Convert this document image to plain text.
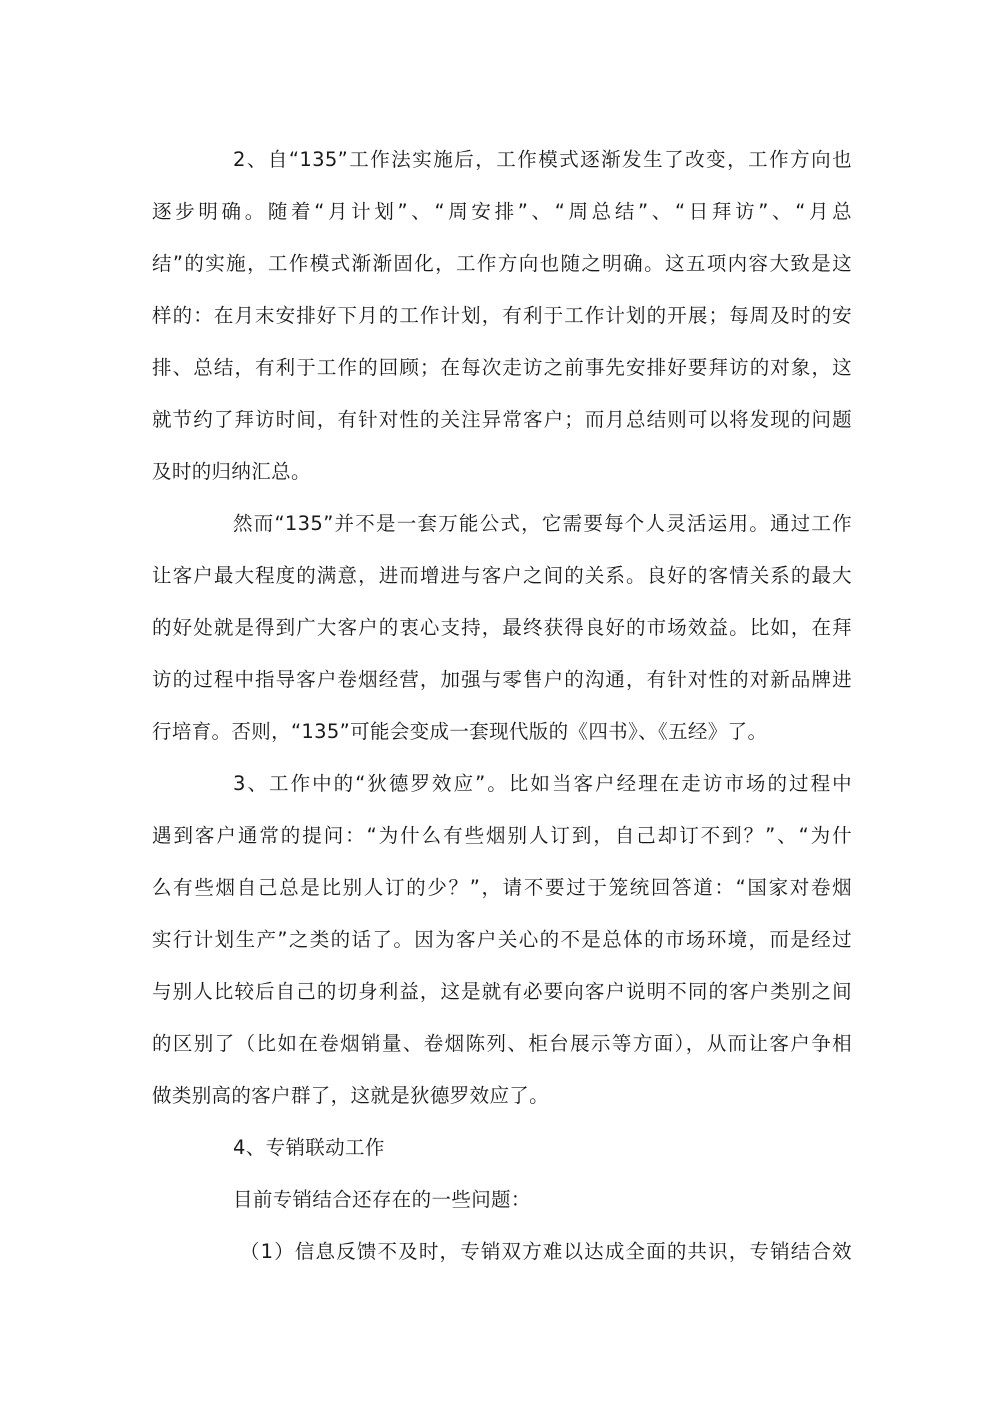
2、自“135”工作法实施后，工作模式逐渐发生了改变，工作方向也
逐步明确。随着“月计划”、“周安排”、“周总结”、“日拜访”、“月总
结”的实施，工作模式渐渐固化，工作方向也随之明确。这五项内容大致是这
样的：在月末安排好下月的工作计划，有利于工作计划的开展；每周及时的安
排、总结，有利于工作的回顾；在每次走访之前事先安排好要拜访的对象，这
就节约了拜访时间，有针对性的关注异常客户；而月总结则可以将发现的问题
及时的归纳汇总。
然而“135”并不是一套万能公式，它需要每个人灵活运用。通过工作
让客户最大程度的满意，进而增进与客户之间的关系。良好的客情关系的最大
的好处就是得到广大客户的衷心支持，最终获得良好的市场效益。比如，在拜
访的过程中指导客户卷烟经营，加强与零售户的沟通，有针对性的对新品牌进
行培育。否则，“135”可能会变成一套现代版的《四书》、《五经》了。
3、工作中的“狄德罗效应”。比如当客户经理在走访市场的过程中
遇到客户通常的提问：“为什么有些烟别人订到，自己却订不到？”、“为什
么有些烟自己总是比别人订的少？”，请不要过于笼统回答道：“国家对卷烟
实行计划生产”之类的话了。因为客户关心的不是总体的市场环境，而是经过
与别人比较后自己的切身利益，这是就有必要向客户说明不同的客户类别之间
的区别了（比如在卷烟销量、卷烟陈列、柜台展示等方面），从而让客户争相
做类别高的客户群了，这就是狄德罗效应了。
4、专销联动工作
目前专销结合还存在的一些问题：
（1）信息反馈不及时，专销双方难以达成全面的共识，专销结合效
